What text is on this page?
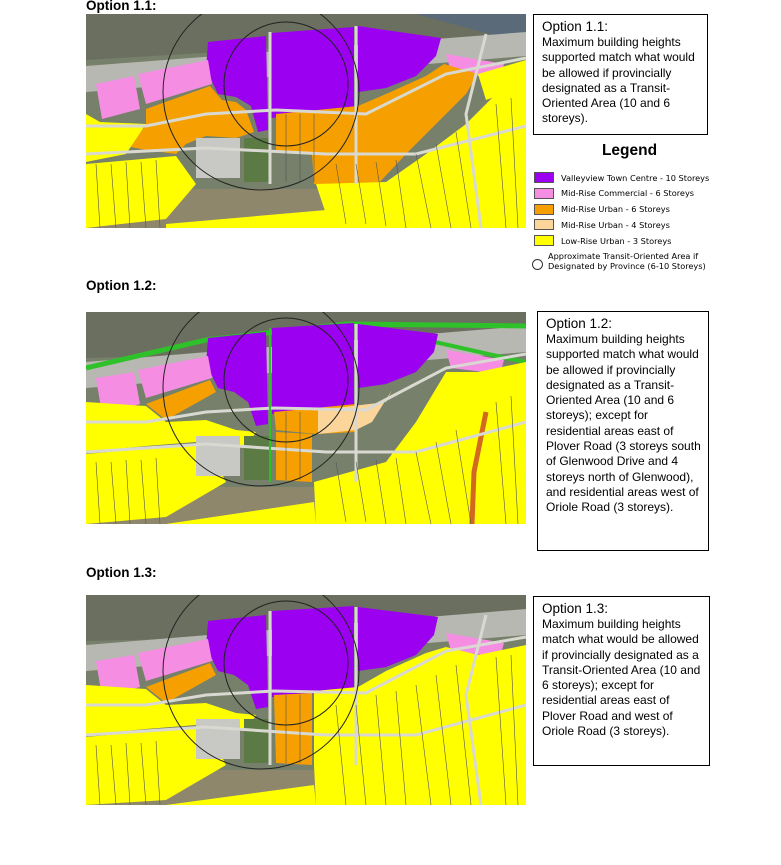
Option 1.1:
Option 1.1:
Maximum building heights supported match what would be allowed if provincially designated as a Transit-Oriented Area (10 and 6 storeys).
Legend
Valleyview Town Centre - 10 Storeys
Mid-Rise Commercial - 6 Storeys
Mid-Rise Urban - 6 Storeys
Mid-Rise Urban - 4 Storeys
Low-Rise Urban - 3 Storeys
Approximate Transit-Oriented Area if Designated by Province (6-10 Storeys)
Option 1.2:
Option 1.2:
Maximum building heights supported match what would be allowed if provincially designated as a Transit-Oriented Area (10 and 6 storeys); except for residential areas east of Plover Road (3 storeys south of Glenwood Drive and 4 storeys north of Glenwood), and residential areas west of Oriole Road (3 storeys).
Option 1.3:
Option 1.3:
Maximum building heights match what would be allowed if provincially designated as a Transit-Oriented Area (10 and 6 storeys); except for residential areas east of Plover Road and west of Oriole Road (3 storeys).
